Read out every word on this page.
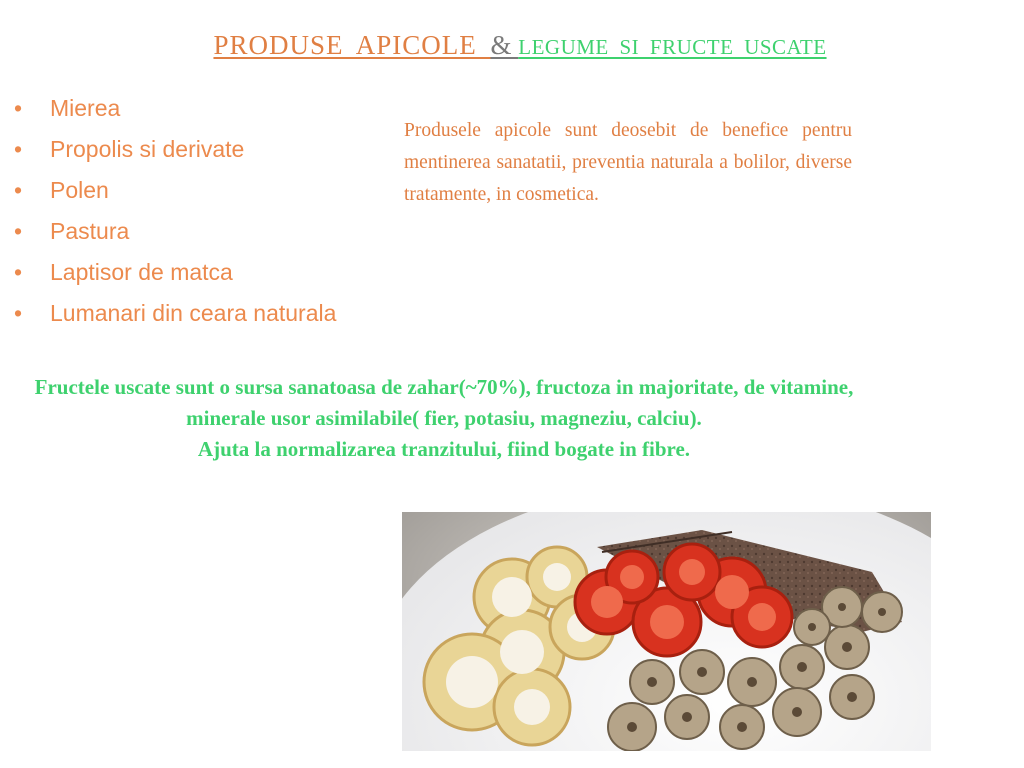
PRODUSE APICOLE & LEGUME SI FRUCTE USCATE
• Mierea
• Propolis si derivate
• Polen
• Pastura
• Laptisor de matca
• Lumanari din ceara naturala
Produsele apicole sunt deosebit de benefice pentru mentinerea sanatatii, preventia naturala a bolilor, diverse tratamente, in cosmetica.
Fructele uscate sunt o sursa sanatoasa de zahar(~70%), fructoza in majoritate, de vitamine, minerale usor asimilabile( fier, potasiu, magneziu, calciu).
Ajuta la normalizarea tranzitului, fiind bogate in fibre.
